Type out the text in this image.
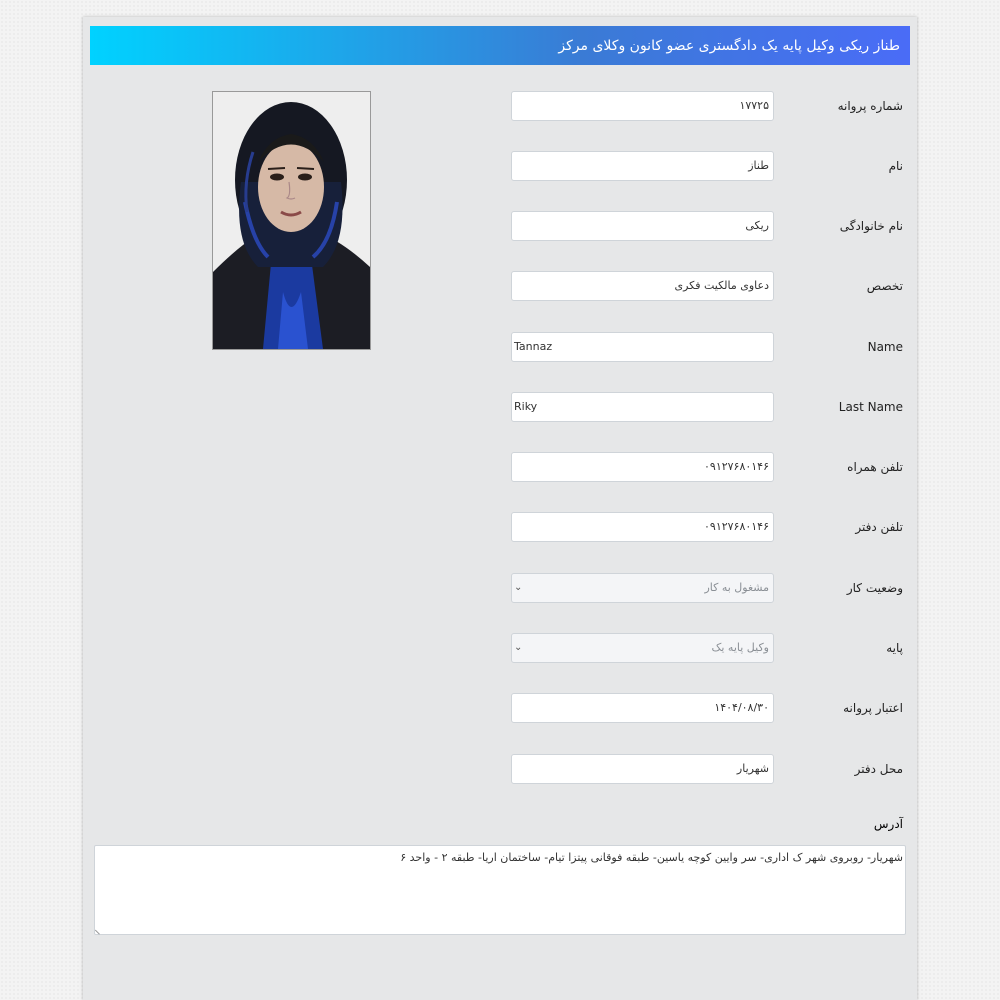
طناز ریکی وکیل پایه یک دادگستری عضو کانون وکلای مرکز
شماره پروانه
۱۷۷۲۵
نام
طناز
نام خانوادگی
ریکی
تخصص
دعاوی مالکیت فکری
Name
Tannaz
Last Name
Riky
تلفن همراه
۰۹۱۲۷۶۸۰۱۴۶
تلفن دفتر
۰۹۱۲۷۶۸۰۱۴۶
وضعیت کار
مشغول به کار
⌄
پایه
وکیل پایه یک
⌄
اعتبار پروانه
۱۴۰۴/۰۸/۳۰
محل دفتر
شهریار
آدرس
شهریار- روبروی شهر ک اداری- سر وایین کوچه یاسین- طبقه فوقانی پیتزا تیام- ساختمان اریا- طبقه ۲ - واحد ۶
